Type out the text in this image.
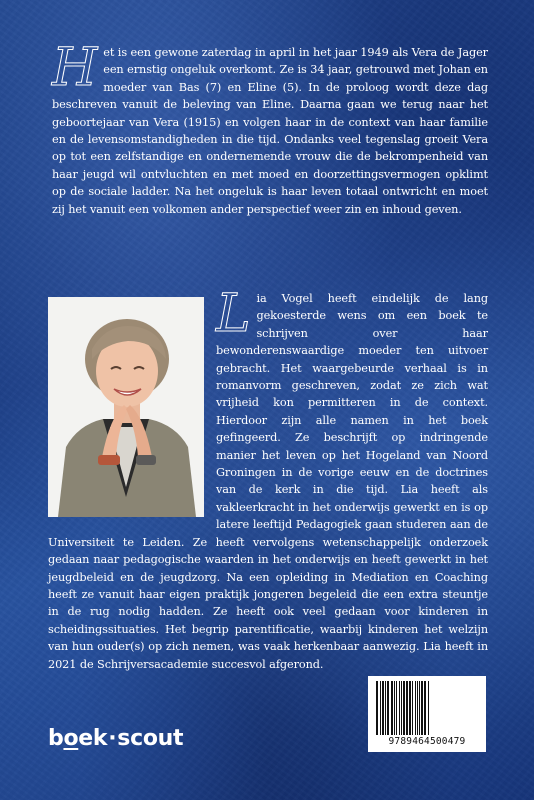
Het is een gewone zaterdag in april in het jaar 1949 als Vera de Jager een ernstig ongeluk overkomt. Ze is 34 jaar, getrouwd met Johan en moeder van Bas (7) en Eline (5). In de proloog wordt deze dag beschreven vanuit de beleving van Eline. Daarna gaan we terug naar het geboortejaar van Vera (1915) en volgen haar in de context van haar familie en de levensomstandigheden in die tijd. Ondanks veel tegenslag groeit Vera op tot een zelfstandige en ondernemende vrouw die de bekrompenheid van haar jeugd wil ontvluchten en met moed en doorzettingsvermogen opklimt op de sociale ladder. Na het ongeluk is haar leven totaal ontwricht en moet zij het vanuit een volkomen ander perspectief weer zin en inhoud geven.
Lia Vogel heeft eindelijk de lang gekoesterde wens om een boek te schrijven over haar bewonderenswaardige moeder ten uitvoer gebracht. Het waargebeurde verhaal is in romanvorm geschreven, zodat ze zich wat vrijheid kon permitteren in de context. Hierdoor zijn alle namen in het boek gefingeerd. Ze beschrijft op indringende manier het leven op het Hogeland van Noord Groningen in de vorige eeuw en de doctrines van de kerk in die tijd. Lia heeft als vakleerkracht in het onderwijs gewerkt en is op latere leeftijd Pedagogiek gaan studeren aan de Universiteit te Leiden. Ze heeft vervolgens wetenschappelijk onderzoek gedaan naar pedagogische waarden in het onderwijs en heeft gewerkt in het jeugdbeleid en de jeugdzorg. Na een opleiding in Mediation en Coaching heeft ze vanuit haar eigen praktijk jongeren begeleid die een extra steuntje in de rug nodig hadden. Ze heeft ook veel gedaan voor kinderen in scheidingssituaties. Het begrip parentificatie, waarbij kinderen het welzijn van hun ouder(s) op zich nemen, was vaak herkenbaar aanwezig. Lia heeft in 2021 de Schrijversacademie succesvol afgerond.
boek·scout	9789464500479
